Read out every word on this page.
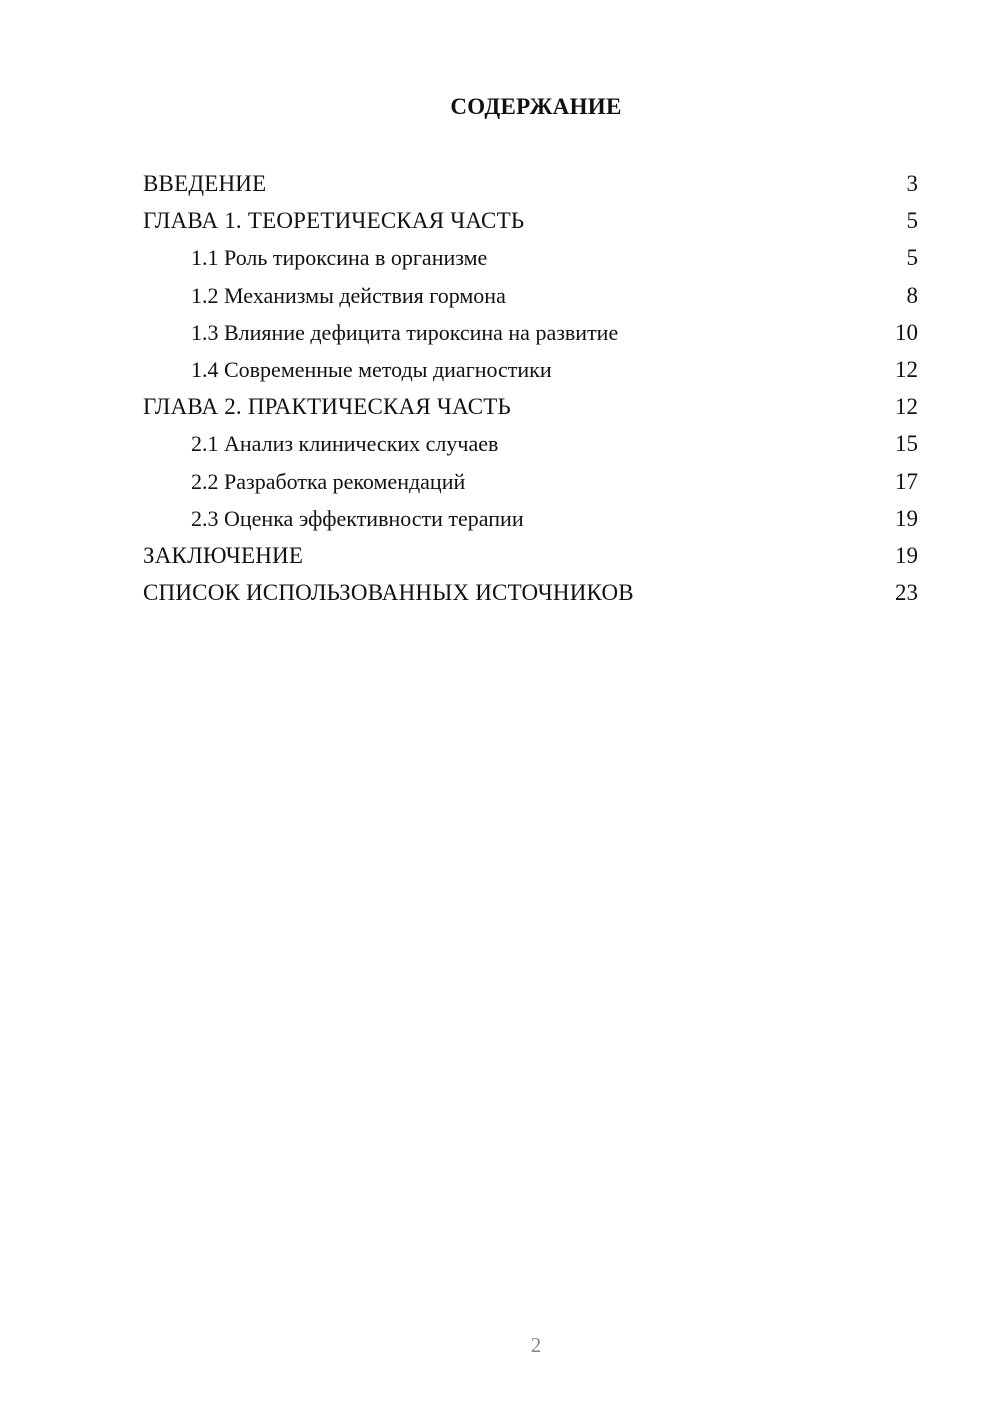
СОДЕРЖАНИЕ
ВВЕДЕНИЕ	3
ГЛАВА 1. ТЕОРЕТИЧЕСКАЯ ЧАСТЬ	5
1.1 Роль тироксина в организме	5
1.2 Механизмы действия гормона	8
1.3 Влияние дефицита тироксина на развитие	10
1.4 Современные методы диагностики	12
ГЛАВА 2. ПРАКТИЧЕСКАЯ ЧАСТЬ	12
2.1 Анализ клинических случаев	15
2.2 Разработка рекомендаций	17
2.3 Оценка эффективности терапии	19
ЗАКЛЮЧЕНИЕ	19
СПИСОК ИСПОЛЬЗОВАННЫХ ИСТОЧНИКОВ	23
2
